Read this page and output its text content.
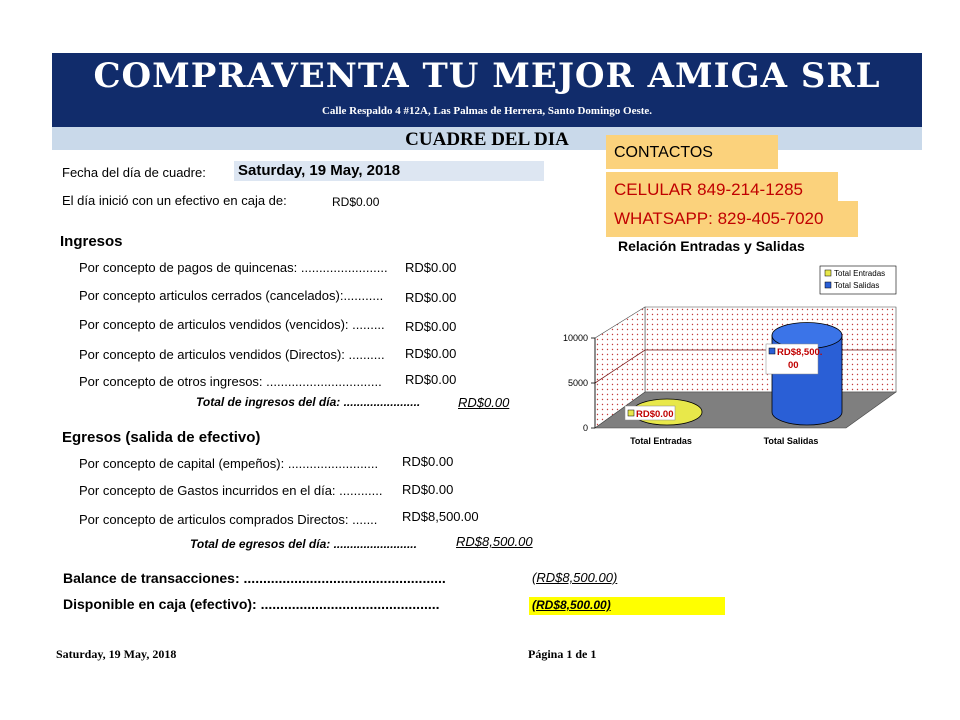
COMPRAVENTA TU MEJOR AMIGA SRL
Calle Respaldo 4 #12A, Las Palmas de Herrera, Santo Domingo Oeste.
CUADRE DEL DIA
Fecha del día de cuadre: Saturday, 19 May, 2018
El día inició con un efectivo en caja de:	RD$0.00
Ingresos
Por concepto de pagos de quincenas: ........................ RD$0.00
Por concepto articulos cerrados (cancelados):........... RD$0.00
Por concepto de articulos vendidos (vencidos): ......... RD$0.00
Por concepto de articulos vendidos (Directos): .......... RD$0.00
Por concepto de otros ingresos: ................................ RD$0.00
Total de ingresos del día: .......................	RD$0.00
Egresos (salida de efectivo)
Por concepto de capital (empeños): ......................... RD$0.00
Por concepto de Gastos incurridos en el día: ............ RD$0.00
Por concepto de articulos comprados Directos: ....... RD$8,500.00
Total de egresos del día: .........................	RD$8,500.00
Balance de transacciones: ....................................................	(RD$8,500.00)
Disponible en caja (efectivo): ..............................................	(RD$8,500.00)
CONTACTOS
CELULAR 849-214-1285
WHATSAPP: 829-405-7020
Relación Entradas y Salidas
10000
5000
0
RD$0.00
RD$8,500.
00
Total Entradas	Total Salidas
Total Entradas
Total Salidas
Saturday, 19 May, 2018	Página 1 de 1
